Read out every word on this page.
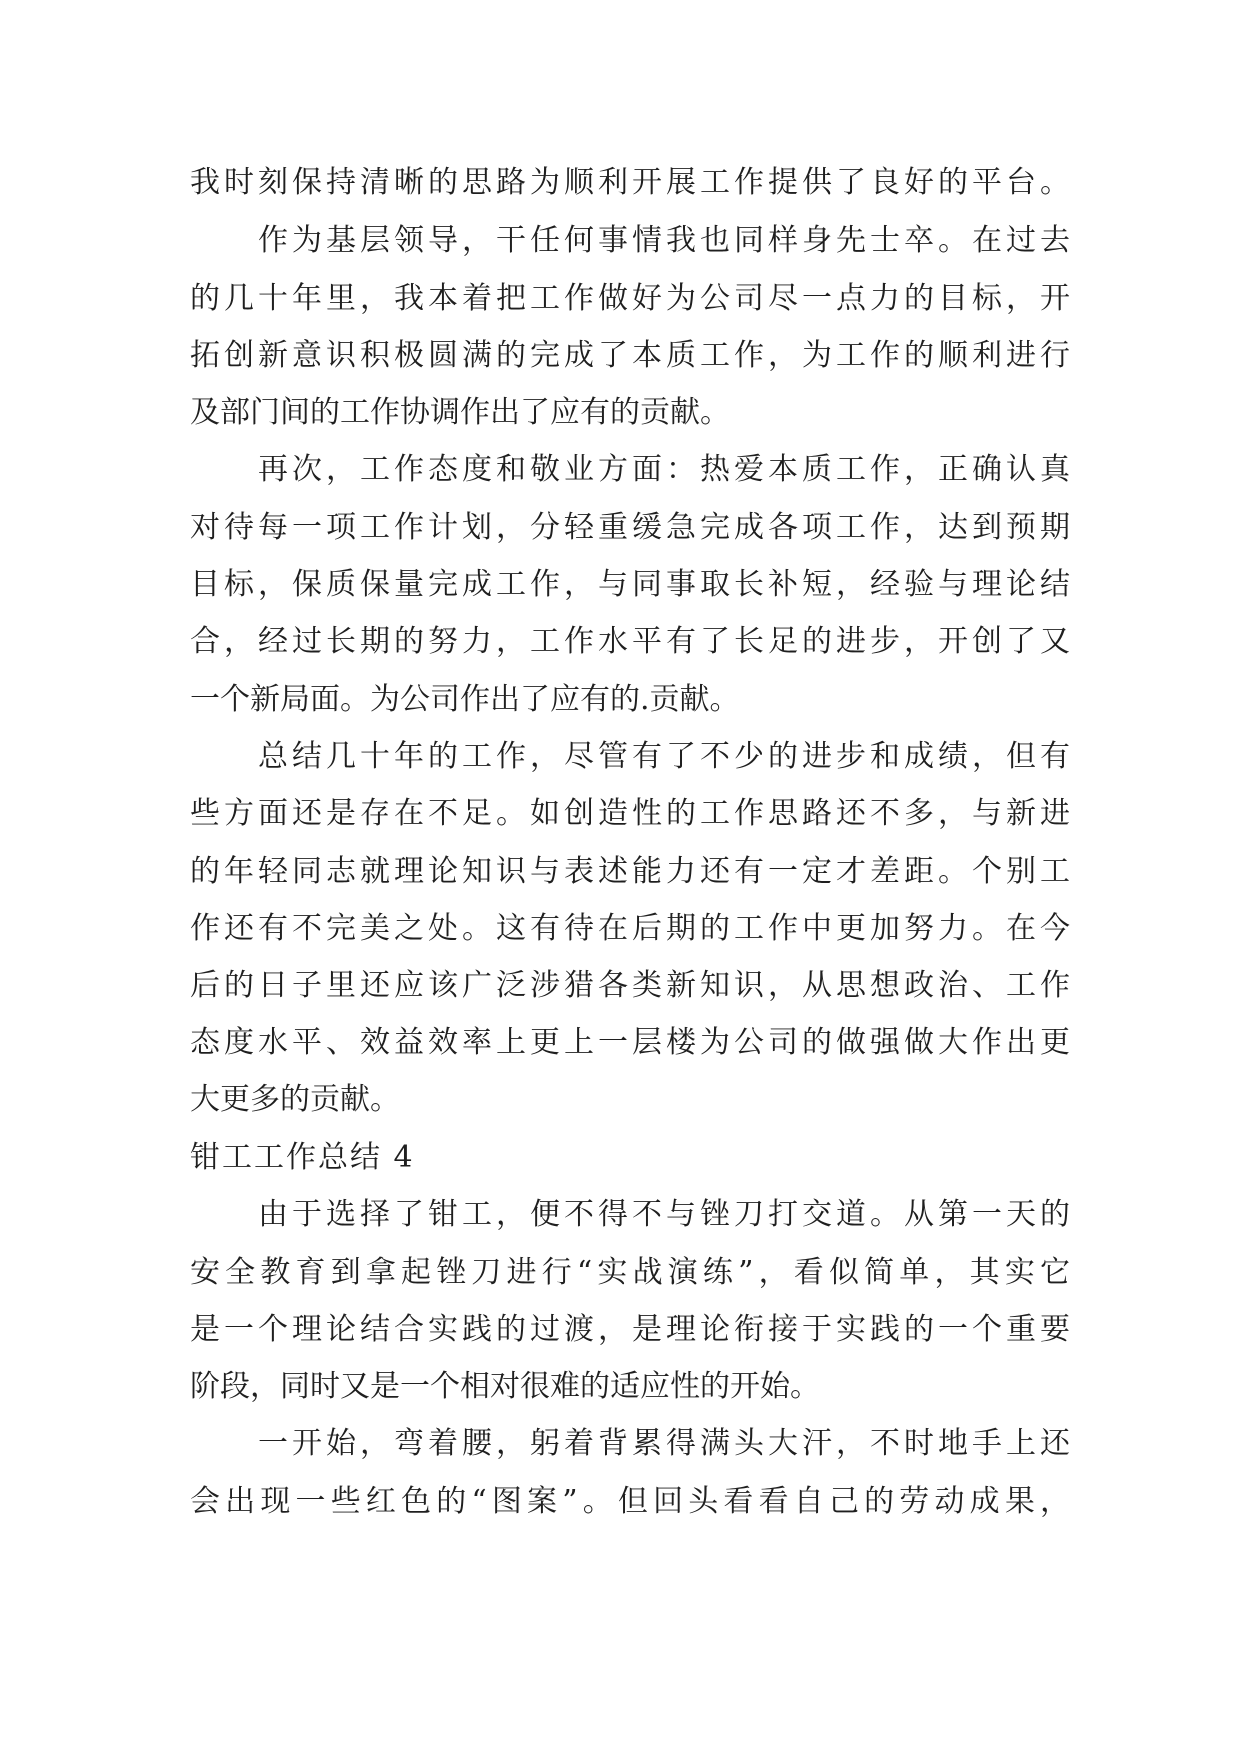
我时刻保持清晰的思路为顺利开展工作提供了良好的平台。
作为基层领导，干任何事情我也同样身先士卒。在过去
的几十年里，我本着把工作做好为公司尽一点力的目标，开
拓创新意识积极圆满的完成了本质工作，为工作的顺利进行
及部门间的工作协调作出了应有的贡献。
再次，工作态度和敬业方面：热爱本质工作，正确认真
对待每一项工作计划，分轻重缓急完成各项工作，达到预期
目标，保质保量完成工作，与同事取长补短，经验与理论结
合，经过长期的努力，工作水平有了长足的进步，开创了又
一个新局面。为公司作出了应有的.贡献。
总结几十年的工作，尽管有了不少的进步和成绩，但有
些方面还是存在不足。如创造性的工作思路还不多，与新进
的年轻同志就理论知识与表述能力还有一定才差距。个别工
作还有不完美之处。这有待在后期的工作中更加努力。在今
后的日子里还应该广泛涉猎各类新知识，从思想政治、工作
态度水平、效益效率上更上一层楼为公司的做强做大作出更
大更多的贡献。
钳工工作总结 4
由于选择了钳工，便不得不与锉刀打交道。从第一天的
安全教育到拿起锉刀进行“实战演练”，看似简单，其实它
是一个理论结合实践的过渡，是理论衔接于实践的一个重要
阶段，同时又是一个相对很难的适应性的开始。
一开始，弯着腰，躬着背累得满头大汗，不时地手上还
会出现一些红色的“图案”。但回头看看自己的劳动成果，
